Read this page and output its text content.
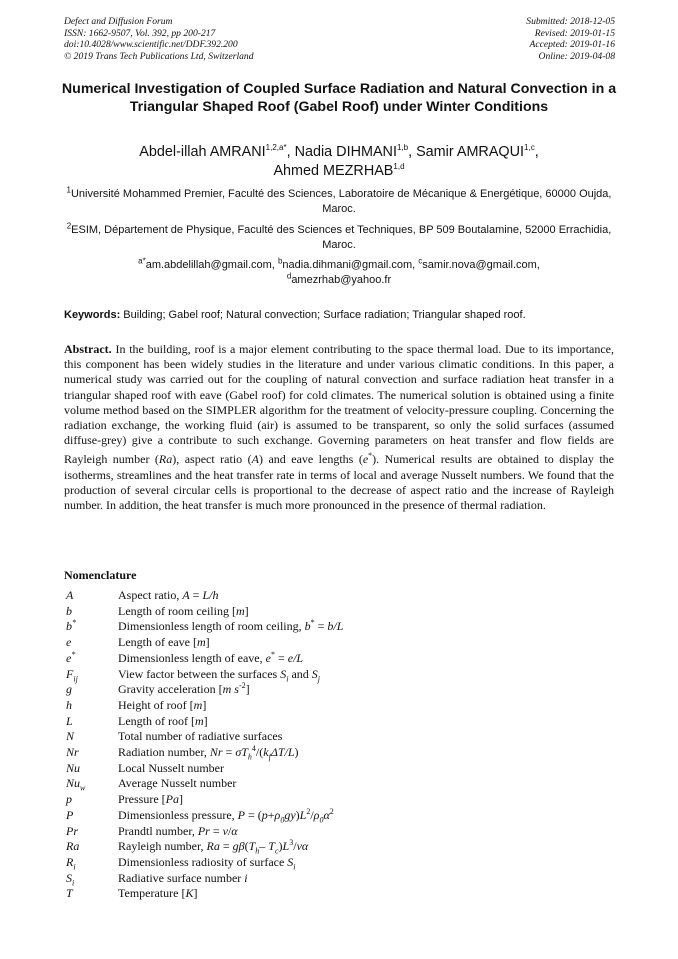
Defect and Diffusion Forum
ISSN: 1662-9507, Vol. 392, pp 200-217
doi:10.4028/www.scientific.net/DDF.392.200
© 2019 Trans Tech Publications Ltd, Switzerland
Submitted: 2018-12-05
Revised: 2019-01-15
Accepted: 2019-01-16
Online: 2019-04-08
Numerical Investigation of Coupled Surface Radiation and Natural Convection in a Triangular Shaped Roof (Gabel Roof) under Winter Conditions
Abdel-illah $AMRANI^{1,2,a*}$, Nadia DIHMANI$^{1,b}$, Samir AMRAQUI$^{1,c}$,
Ahmed MEZRHAB$^{1,d}$
$^1$Université Mohammed Premier, Faculté des Sciences, Laboratoire de Mécanique & Energétique, 60000 Oujda, Maroc.
$^2$ESIM, Département de Physique, Faculté des Sciences et Techniques, BP 509 Boutalamine, 52000 Errachidia, Maroc.
$^{a*}$am.abdelillah@gmail.com, $^b$nadia.dihmani@gmail.com, $^c$samir.nova@gmail.com,
$^d$amezrhab@yahoo.fr
Keywords: Building; Gabel roof; Natural convection; Surface radiation; Triangular shaped roof.
Abstract. In the building, roof is a major element contributing to the space thermal load. Due to its importance, this component has been widely studies in the literature and under various climatic conditions. In this paper, a numerical study was carried out for the coupling of natural convection and surface radiation heat transfer in a triangular shaped roof with eave (Gabel roof) for cold climates. The numerical solution is obtained using a finite volume method based on the SIMPLER algorithm for the treatment of velocity-pressure coupling. Concerning the radiation exchange, the working fluid (air) is assumed to be transparent, so only the solid surfaces (assumed diffuse-grey) give a contribute to such exchange. Governing parameters on heat transfer and flow fields are Rayleigh number (Ra), aspect ratio (A) and eave lengths (e*). Numerical results are obtained to display the isotherms, streamlines and the heat transfer rate in terms of local and average Nusselt numbers. We found that the production of several circular cells is proportional to the decrease of aspect ratio and the increase of Rayleigh number. In addition, the heat transfer is much more pronounced in the presence of thermal radiation.
Nomenclature
A	Aspect ratio, A = L/h
b	Length of room ceiling [m]
b*	Dimensionless length of room ceiling, b* = b/L
e	Length of eave [m]
e*	Dimensionless length of eave, e* = e/L
$F_{ij}$	View factor between the surfaces $S_i$ and $S_j$
g	Gravity acceleration [m $s^{-2}$]
h	Height of roof [m]
L	Length of roof [m]
N	Total number of radiative surfaces
Nr	Radiation number, $Nr = \sigma T_h^4/(k_f\Delta T/L)$
Nu	Local Nusselt number
$Nu_w$	Average Nusselt number
p	Pressure [Pa]
P	Dimensionless pressure, $P = (p+\rho_0gy)L^2/\rho_0\alpha^2$
Pr	Prandtl number, Pr = ν/α
Ra	Rayleigh number, $Ra = g\beta(T_h-$ $T_c)L^3/\nu\alpha$
$R_i$	Dimensionless radiosity of surface $S_i$
$S_i$	Radiative surface number i
T	Temperature [K]
